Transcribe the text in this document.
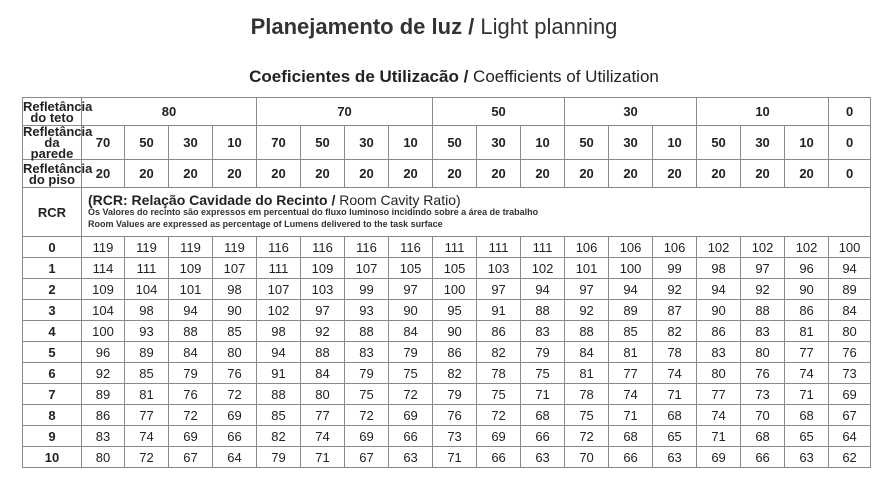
Planejamento de luz / Light planning
Coeficientes de Utilizacão / Coefficients of Utilization
Refletância
do teto	80				70				50			30			10			0
Refletância
da parede	70	50	30	10	70	50	30	10	50	30	10	50	30	10	50	30	10	0
Refletância
do piso	20	20	20	20	20	20	20	20	20	20	20	20	20	20	20	20	20	0
RCR	(RCR: Relação Cavidade do Recinto / Room Cavity Ratio)
Os Valores do recinto são expressos em percentual do fluxo luminoso incidindo sobre a área de trabalho
Room Values are expressed as percentage of Lumens delivered to the task surface																	

0	119	119	119	119	116	116	116	116	111	111	111	106	106	106	102	102	102	100
1	114	111	109	107	111	109	107	105	105	103	102	101	100	99	98	97	96	94
2	109	104	101	98	107	103	99	97	100	97	94	97	94	92	94	92	90	89
3	104	98	94	90	102	97	93	90	95	91	88	92	89	87	90	88	86	84
4	100	93	88	85	98	92	88	84	90	86	83	88	85	82	86	83	81	80
5	96	89	84	80	94	88	83	79	86	82	79	84	81	78	83	80	77	76
6	92	85	79	76	91	84	79	75	82	78	75	81	77	74	80	76	74	73
7	89	81	76	72	88	80	75	72	79	75	71	78	74	71	77	73	71	69
8	86	77	72	69	85	77	72	69	76	72	68	75	71	68	74	70	68	67
9	83	74	69	66	82	74	69	66	73	69	66	72	68	65	71	68	65	64
10	80	72	67	64	79	71	67	63	71	66	63	70	66	63	69	66	63	62
